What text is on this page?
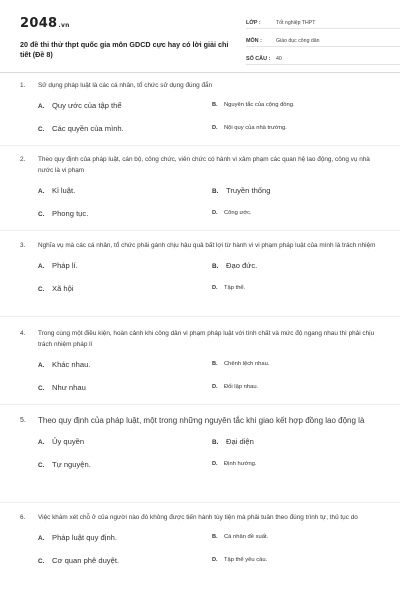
2048.vn
20 đề thi thử thpt quốc gia môn GDCD cực hay có lời giải chi tiết (Đề 8)
LỚP :	Tốt nghiệp THPT
MÔN :	Giáo dục công dân
SỐ CÂU : 40
1. Sử dụng pháp luật là các cá nhân, tổ chức sử dụng đúng đắn
A. Quy ước của tập thể	B. Nguyên tắc của cộng đồng.
C. Các quyền của mình.	D. Nội quy của nhà trường.
2. Theo quy định của pháp luật, cán bộ, công chức, viên chức có hành vi xâm phạm các quan hệ lao động, công vụ nhà nước là vi phạm
A. Kỉ luật.	B. Truyền thống
C. Phong tục.	D. Công ước.
3. Nghĩa vụ mà các cá nhân, tổ chức phải gánh chịu hậu quả bất lợi từ hành vi vi phạm pháp luật của mình là trách nhiệm
A. Pháp lí.	B. Đạo đức.
C. Xã hội	D. Tập thể.
4. Trong cùng một điều kiện, hoàn cảnh khi công dân vi phạm pháp luật với tính chất và mức độ ngang nhau thì phải chịu trách nhiệm pháp lí
A. Khác nhau.	B. Chênh lệch nhau.
C. Như nhau	D. Đối lập nhau.
5. Theo quy định của pháp luật, một trong những nguyên tắc khi giao kết hợp đồng lao động là
A. Ủy quyền	B. Đại diện
C. Tự nguyện.	D. Định hướng.
6. Việc khám xét chỗ ở của người nào đó không được tiến hành tùy tiện mà phải tuân theo đúng trình tự, thủ tục do
A. Pháp luật quy định.	B. Cá nhân đề xuất.
C. Cơ quan phê duyệt.	D. Tập thể yêu cầu.
